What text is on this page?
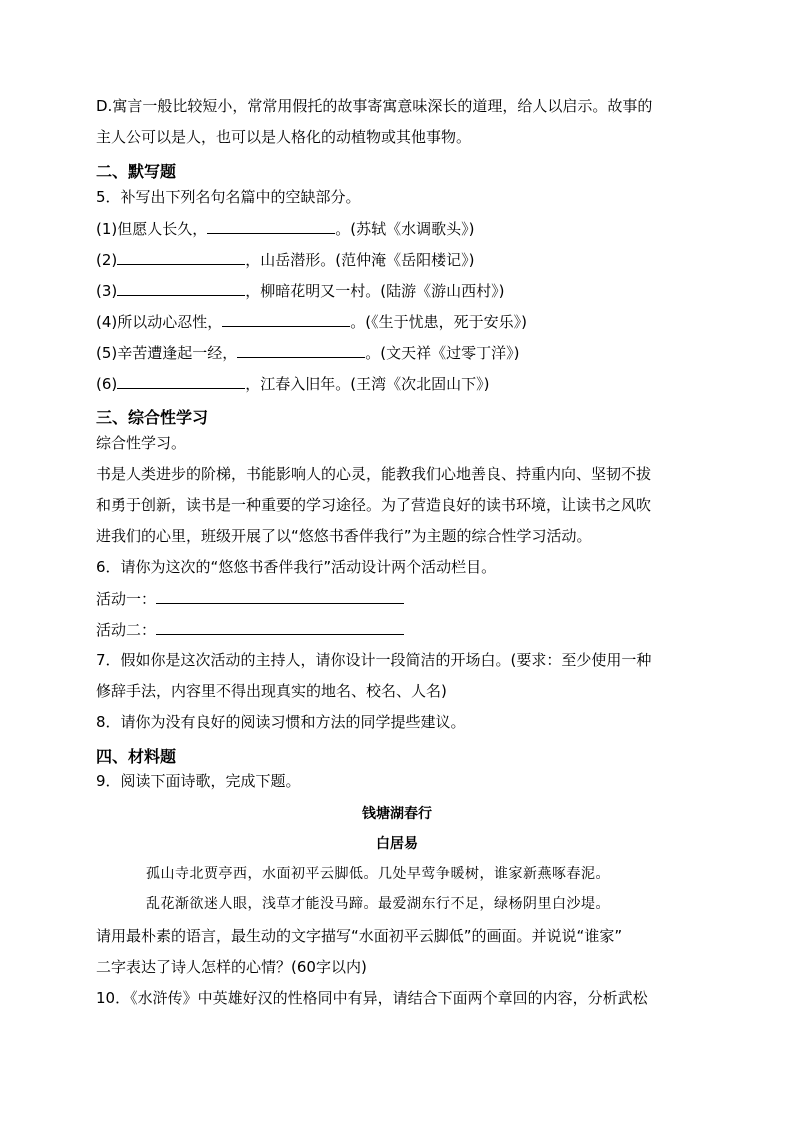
D.寓言一般比较短小，常常用假托的故事寄寓意味深长的道理，给人以启示。故事的
主人公可以是人，也可以是人格化的动植物或其他事物。
二、默写题
5．补写出下列名句名篇中的空缺部分。
(1)但愿人长久，	。(苏轼《水调歌头》)
(2)	，山岳潜形。(范仲淹《岳阳楼记》)
(3)	，柳暗花明又一村。(陆游《游山西村》)
(4)所以动心忍性，	。(《生于忧患，死于安乐》)
(5)辛苦遭逢起一经，	。(文天祥《过零丁洋》)
(6)	，江春入旧年。(王湾《次北固山下》)
三、综合性学习
综合性学习。
书是人类进步的阶梯，书能影响人的心灵，能教我们心地善良、持重内向、坚韧不拔
和勇于创新，读书是一种重要的学习途径。为了营造良好的读书环境，让读书之风吹
进我们的心里，班级开展了以“悠悠书香伴我行”为主题的综合性学习活动。
6．请你为这次的“悠悠书香伴我行”活动设计两个活动栏目。
活动一：
活动二：
7．假如你是这次活动的主持人，请你设计一段简洁的开场白。(要求：至少使用一种
修辞手法，内容里不得出现真实的地名、校名、人名)
8．请你为没有良好的阅读习惯和方法的同学提些建议。
四、材料题
9．阅读下面诗歌，完成下题。
钱塘湖春行
白居易
孤山寺北贾亭西，水面初平云脚低。几处早莺争暖树，谁家新燕啄春泥。
乱花渐欲迷人眼，浅草才能没马蹄。最爱湖东行不足，绿杨阴里白沙堤。
请用最朴素的语言，最生动的文字描写“水面初平云脚低”的画面。并说说“谁家”
二字表达了诗人怎样的心情？(60字以内)
10．《水浒传》中英雄好汉的性格同中有异，请结合下面两个章回的内容，分析武松
